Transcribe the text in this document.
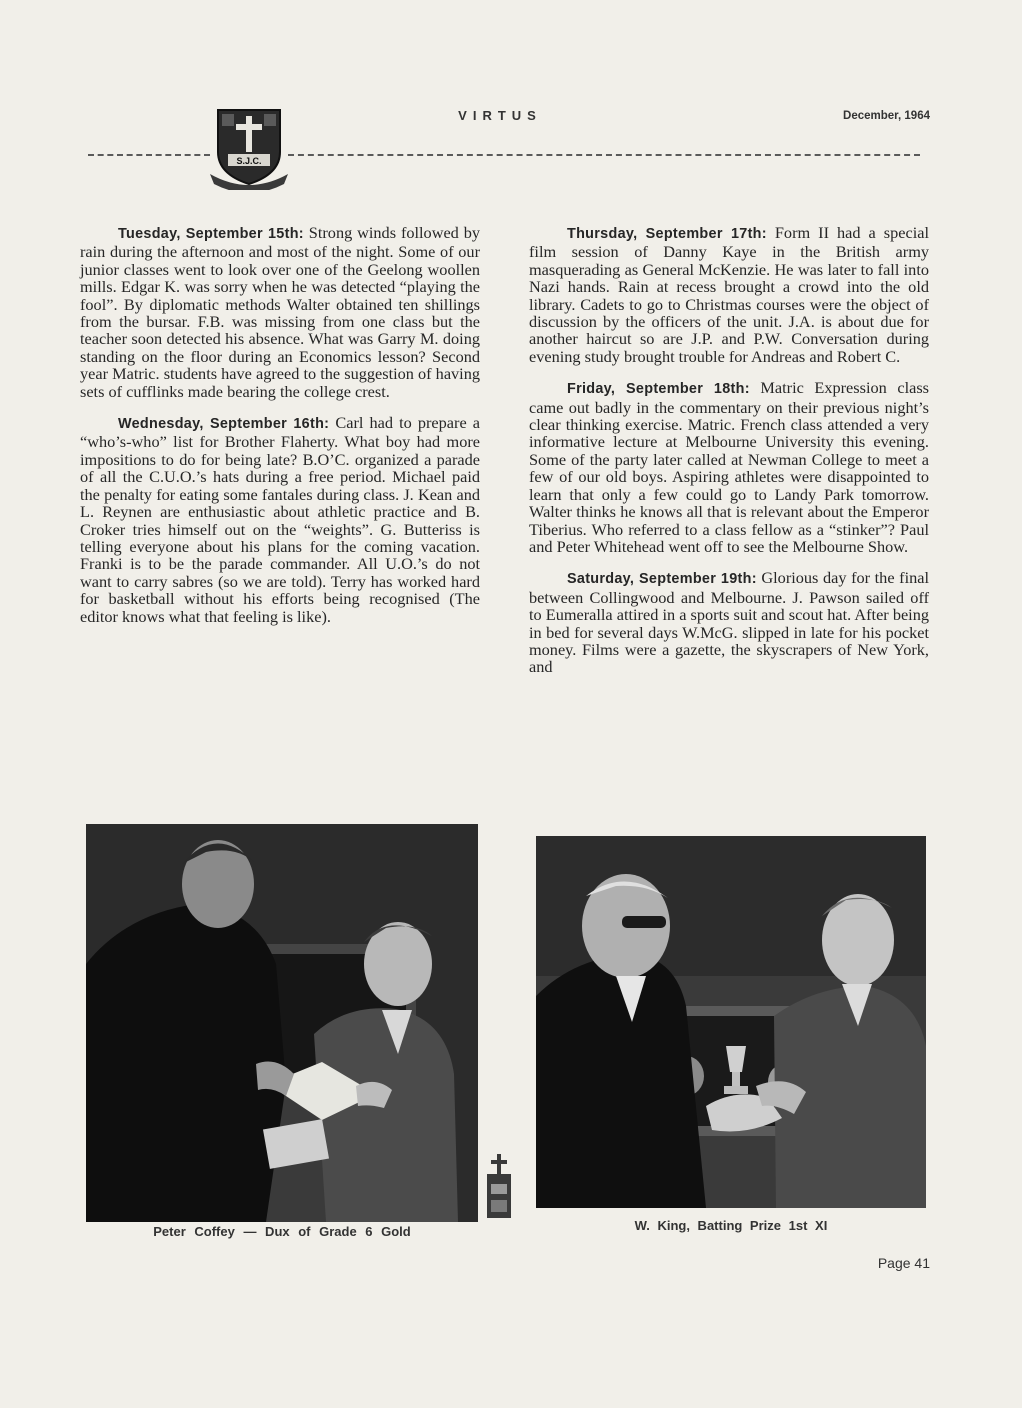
S.J.C.
VIRTUS	December, 1964

Tuesday, September 15th: Strong winds followed by rain during the afternoon and most of the night. Some of our junior classes went to look over one of the Geelong woollen mills. Edgar K. was sorry when he was detected “playing the fool”. By diplomatic methods Walter obtained ten shillings from the bursar. F.B. was missing from one class but the teacher soon detected his absence. What was Garry M. doing standing on the floor during an Economics lesson? Second year Matric. students have agreed to the suggestion of having sets of cufflinks made bearing the college crest.

Wednesday, September 16th: Carl had to prepare a “who’s-who” list for Brother Flaherty. What boy had more impositions to do for being late? B.O’C. organized a parade of all the C.U.O.’s hats during a free period. Michael paid the penalty for eating some fantales during class. J. Kean and L. Reynen are enthusiastic about athletic practice and B. Croker tries himself out on the “weights”. G. Butteriss is telling everyone about his plans for the coming vacation. Franki is to be the parade commander. All U.O.’s do not want to carry sabres (so we are told). Terry has worked hard for basketball without his efforts being recognised (The editor knows what that feeling is like).

Thursday, September 17th: Form II had a special film session of Danny Kaye in the British army masquerading as General McKenzie. He was later to fall into Nazi hands. Rain at recess brought a crowd into the old library. Cadets to go to Christmas courses were the object of discussion by the officers of the unit. J.A. is about due for another haircut so are J.P. and P.W. Conversation during evening study brought trouble for Andreas and Robert C.

Friday, September 18th: Matric Expression class came out badly in the commentary on their previous night’s clear thinking exercise. Matric. French class attended a very informative lecture at Melbourne University this evening. Some of the party later called at Newman College to meet a few of our old boys. Aspiring athletes were disappointed to learn that only a few could go to Landy Park tomorrow. Walter thinks he knows all that is relevant about the Emperor Tiberius. Who referred to a class fellow as a “stinker”? Paul and Peter Whitehead went off to see the Melbourne Show.

Saturday, September 19th: Glorious day for the final between Collingwood and Melbourne. J. Pawson sailed off to Eumeralla attired in a sports suit and scout hat. After being in bed for several days W.McG. slipped in late for his pocket money. Films were a gazette, the skyscrapers of New York, and

Peter Coffey — Dux of Grade 6 Gold	W. King, Batting Prize 1st XI
Page 41
